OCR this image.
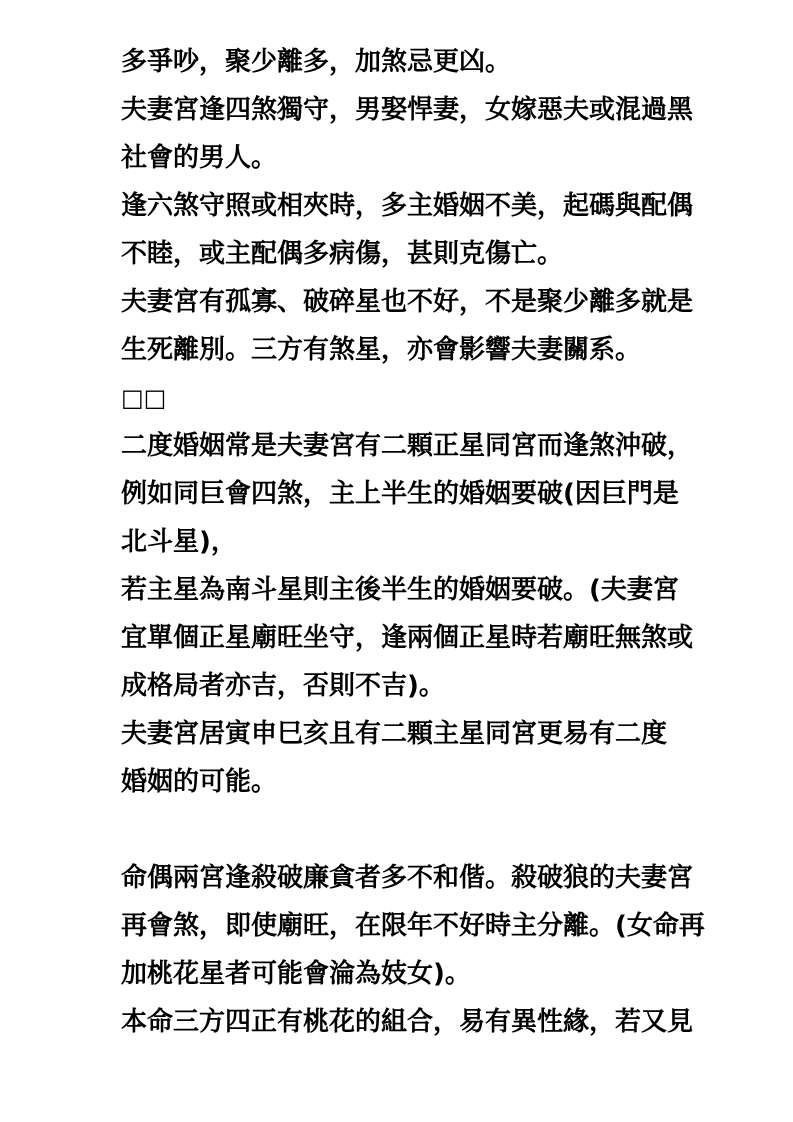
多爭吵，聚少離多，加煞忌更凶。
夫妻宮逢四煞獨守，男娶悍妻，女嫁惡夫或混過黑
社會的男人。
逢六煞守照或相夾時，多主婚姻不美，起碼與配偶
不睦，或主配偶多病傷，甚則克傷亡。
夫妻宮有孤寡、破碎星也不好，不是聚少離多就是
生死離別。三方有煞星，亦會影響夫妻關系。
□□
二度婚姻常是夫妻宮有二顆正星同宮而逢煞沖破，
例如同巨會四煞，主上半生的婚姻要破(因巨門是
北斗星)，
若主星為南斗星則主後半生的婚姻要破。(夫妻宮
宜單個正星廟旺坐守，逢兩個正星時若廟旺無煞或
成格局者亦吉，否則不吉)。
夫妻宮居寅申巳亥且有二顆主星同宮更易有二度
婚姻的可能。
命偶兩宮逢殺破廉貪者多不和偕。殺破狼的夫妻宮
再會煞，即使廟旺，在限年不好時主分離。(女命再
加桃花星者可能會淪為妓女)。
本命三方四正有桃花的組合，易有異性緣，若又見
